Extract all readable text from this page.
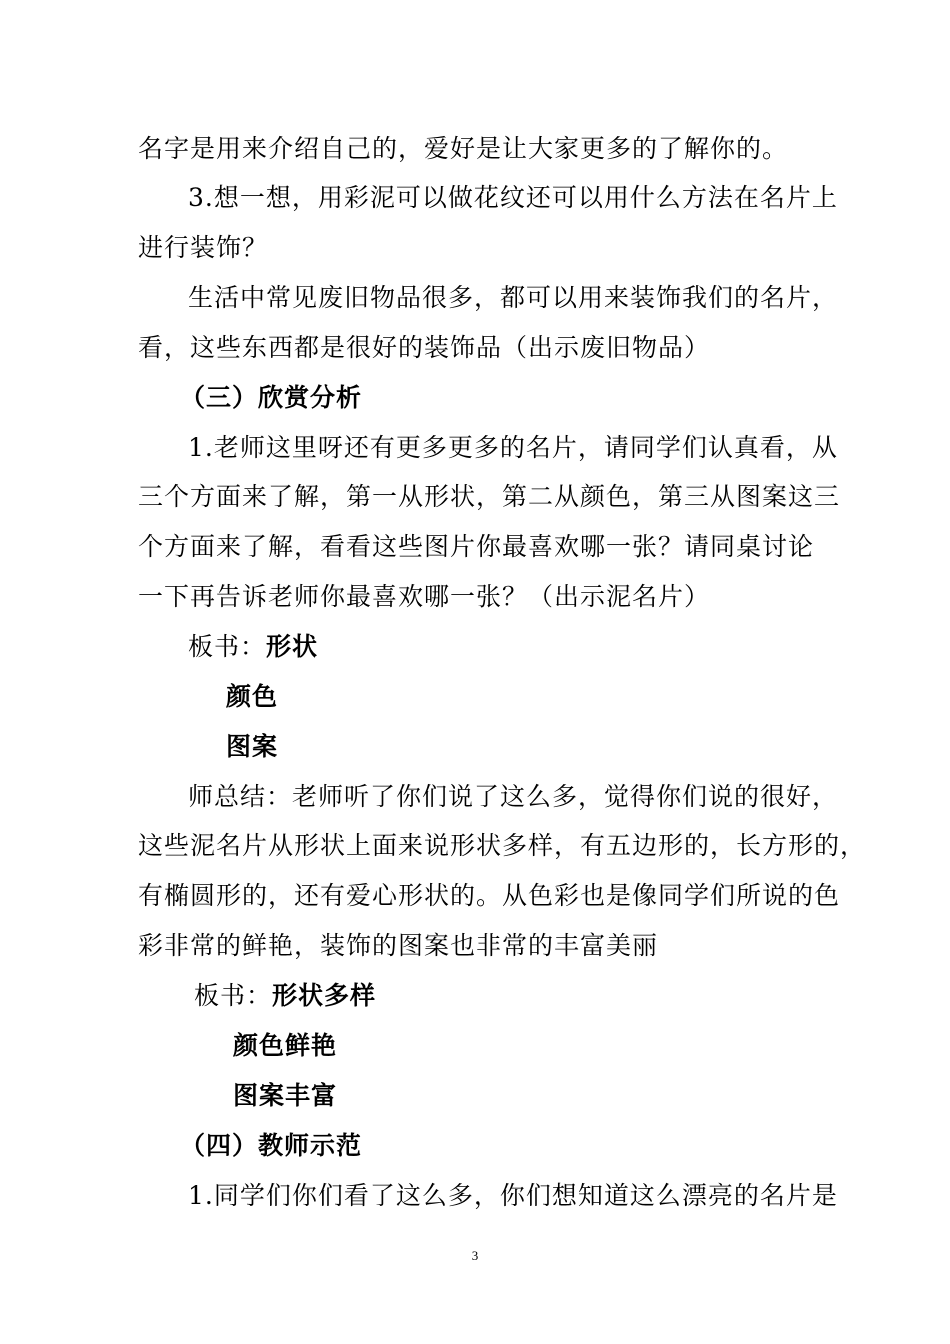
名字是用来介绍自己的，爱好是让大家更多的了解你的。
3.想一想，用彩泥可以做花纹还可以用什么方法在名片上
进行装饰？
生活中常见废旧物品很多，都可以用来装饰我们的名片，
看，这些东西都是很好的装饰品（出示废旧物品）
（三）欣赏分析
1.老师这里呀还有更多更多的名片，请同学们认真看，从
三个方面来了解，第一从形状，第二从颜色，第三从图案这三
个方面来了解，看看这些图片你最喜欢哪一张？请同桌讨论
一下再告诉老师你最喜欢哪一张？（出示泥名片）
板书：形状
颜色
图案
师总结：老师听了你们说了这么多，觉得你们说的很好，
这些泥名片从形状上面来说形状多样，有五边形的，长方形的，
有椭圆形的，还有爱心形状的。从色彩也是像同学们所说的色
彩非常的鲜艳，装饰的图案也非常的丰富美丽
板书：形状多样
颜色鲜艳
图案丰富
（四）教师示范
1.同学们你们看了这么多，你们想知道这么漂亮的名片是
3
